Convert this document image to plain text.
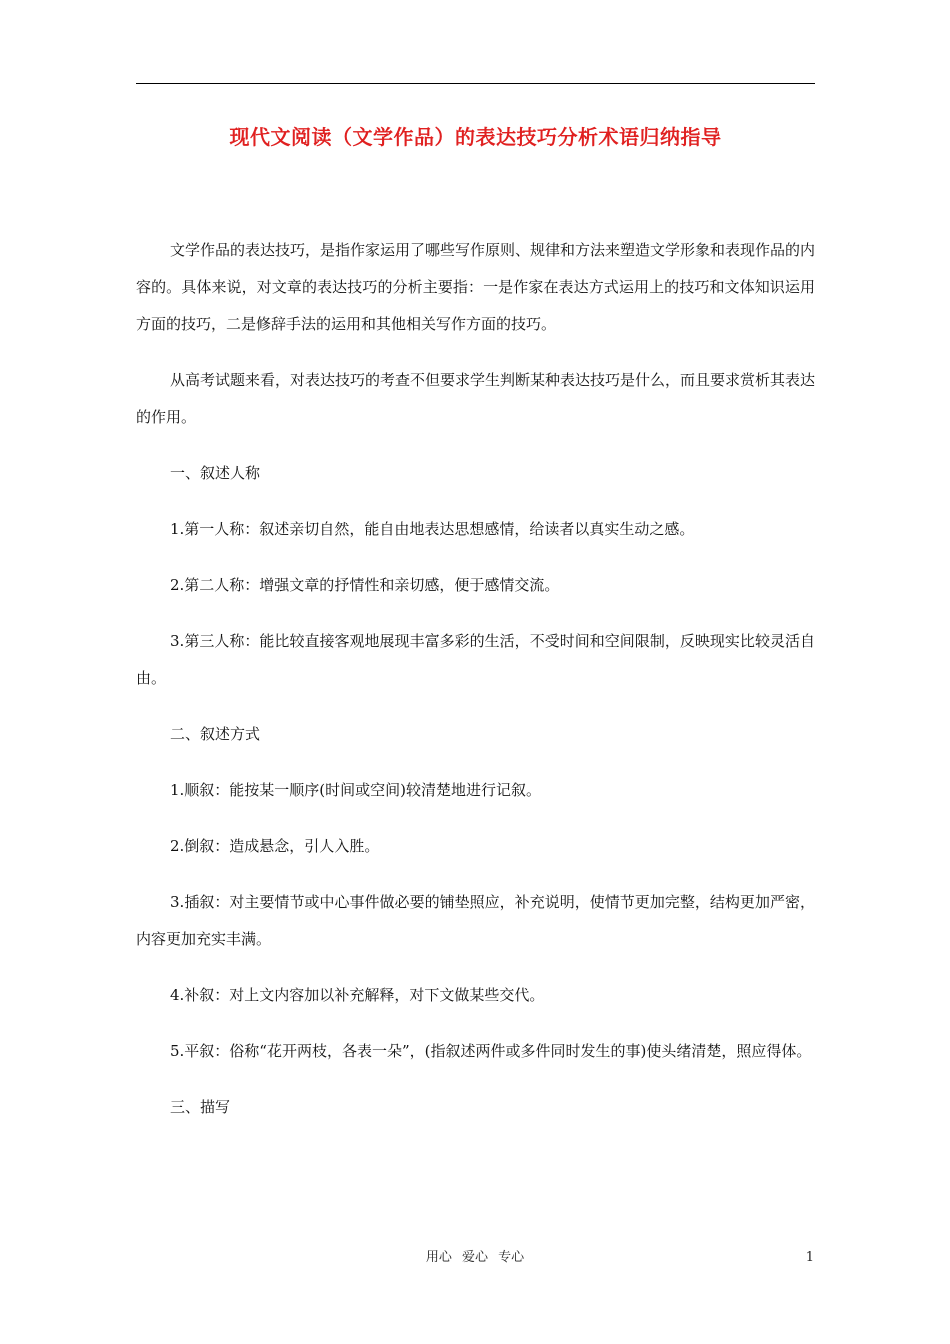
现代文阅读（文学作品）的表达技巧分析术语归纳指导

文学作品的表达技巧，是指作家运用了哪些写作原则、规律和方法来塑造文学形象和表现作品的内容的。具体来说，对文章的表达技巧的分析主要指：一是作家在表达方式运用上的技巧和文体知识运用方面的技巧，二是修辞手法的运用和其他相关写作方面的技巧。

从高考试题来看，对表达技巧的考查不但要求学生判断某种表达技巧是什么，而且要求赏析其表达的作用。

一、叙述人称

1.第一人称：叙述亲切自然，能自由地表达思想感情，给读者以真实生动之感。

2.第二人称：增强文章的抒情性和亲切感，便于感情交流。

3.第三人称：能比较直接客观地展现丰富多彩的生活，不受时间和空间限制，反映现实比较灵活自由。

二、叙述方式

1.顺叙：能按某一顺序(时间或空间)较清楚地进行记叙。

2.倒叙：造成悬念，引人入胜。

3.插叙：对主要情节或中心事件做必要的铺垫照应，补充说明，使情节更加完整，结构更加严密，内容更加充实丰满。

4.补叙：对上文内容加以补充解释，对下文做某些交代。

5.平叙：俗称“花开两枝，各表一朵”，(指叙述两件或多件同时发生的事)使头绪清楚，照应得体。

三、描写

用心 爱心 专心	1
